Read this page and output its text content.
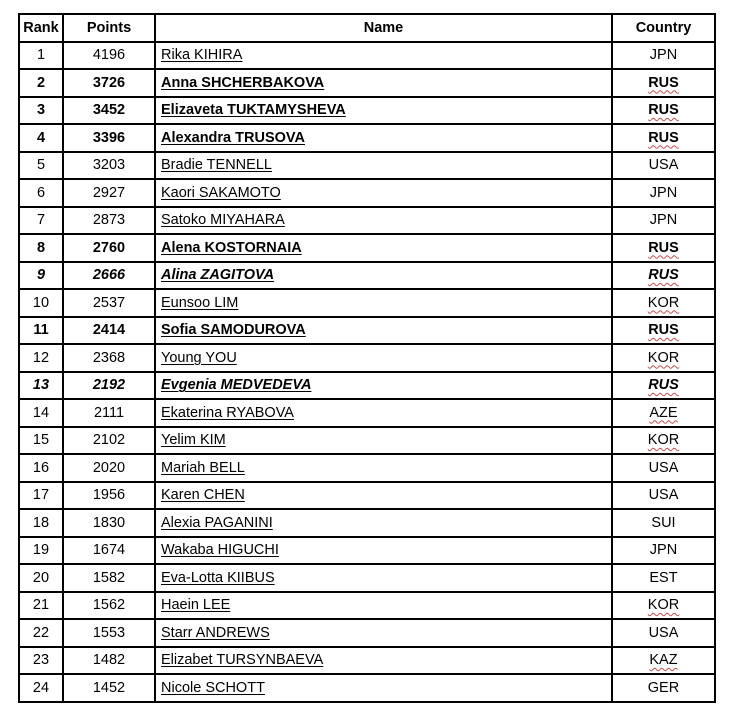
Rank	Points	Name	Country
1	4196	Rika KIHIRA	JPN
2	3726	Anna SHCHERBAKOVA	RUS
3	3452	Elizaveta TUKTAMYSHEVA	RUS
4	3396	Alexandra TRUSOVA	RUS
5	3203	Bradie TENNELL	USA
6	2927	Kaori SAKAMOTO	JPN
7	2873	Satoko MIYAHARA	JPN
8	2760	Alena KOSTORNAIA	RUS
9	2666	Alina ZAGITOVA	RUS
10	2537	Eunsoo LIM	KOR
11	2414	Sofia SAMODUROVA	RUS
12	2368	Young YOU	KOR
13	2192	Evgenia MEDVEDEVA	RUS
14	2111	Ekaterina RYABOVA	AZE
15	2102	Yelim KIM	KOR
16	2020	Mariah BELL	USA
17	1956	Karen CHEN	USA
18	1830	Alexia PAGANINI	SUI
19	1674	Wakaba HIGUCHI	JPN
20	1582	Eva-Lotta KIIBUS	EST
21	1562	Haein LEE	KOR
22	1553	Starr ANDREWS	USA
23	1482	Elizabet TURSYNBAEVA	KAZ
24	1452	Nicole SCHOTT	GER
